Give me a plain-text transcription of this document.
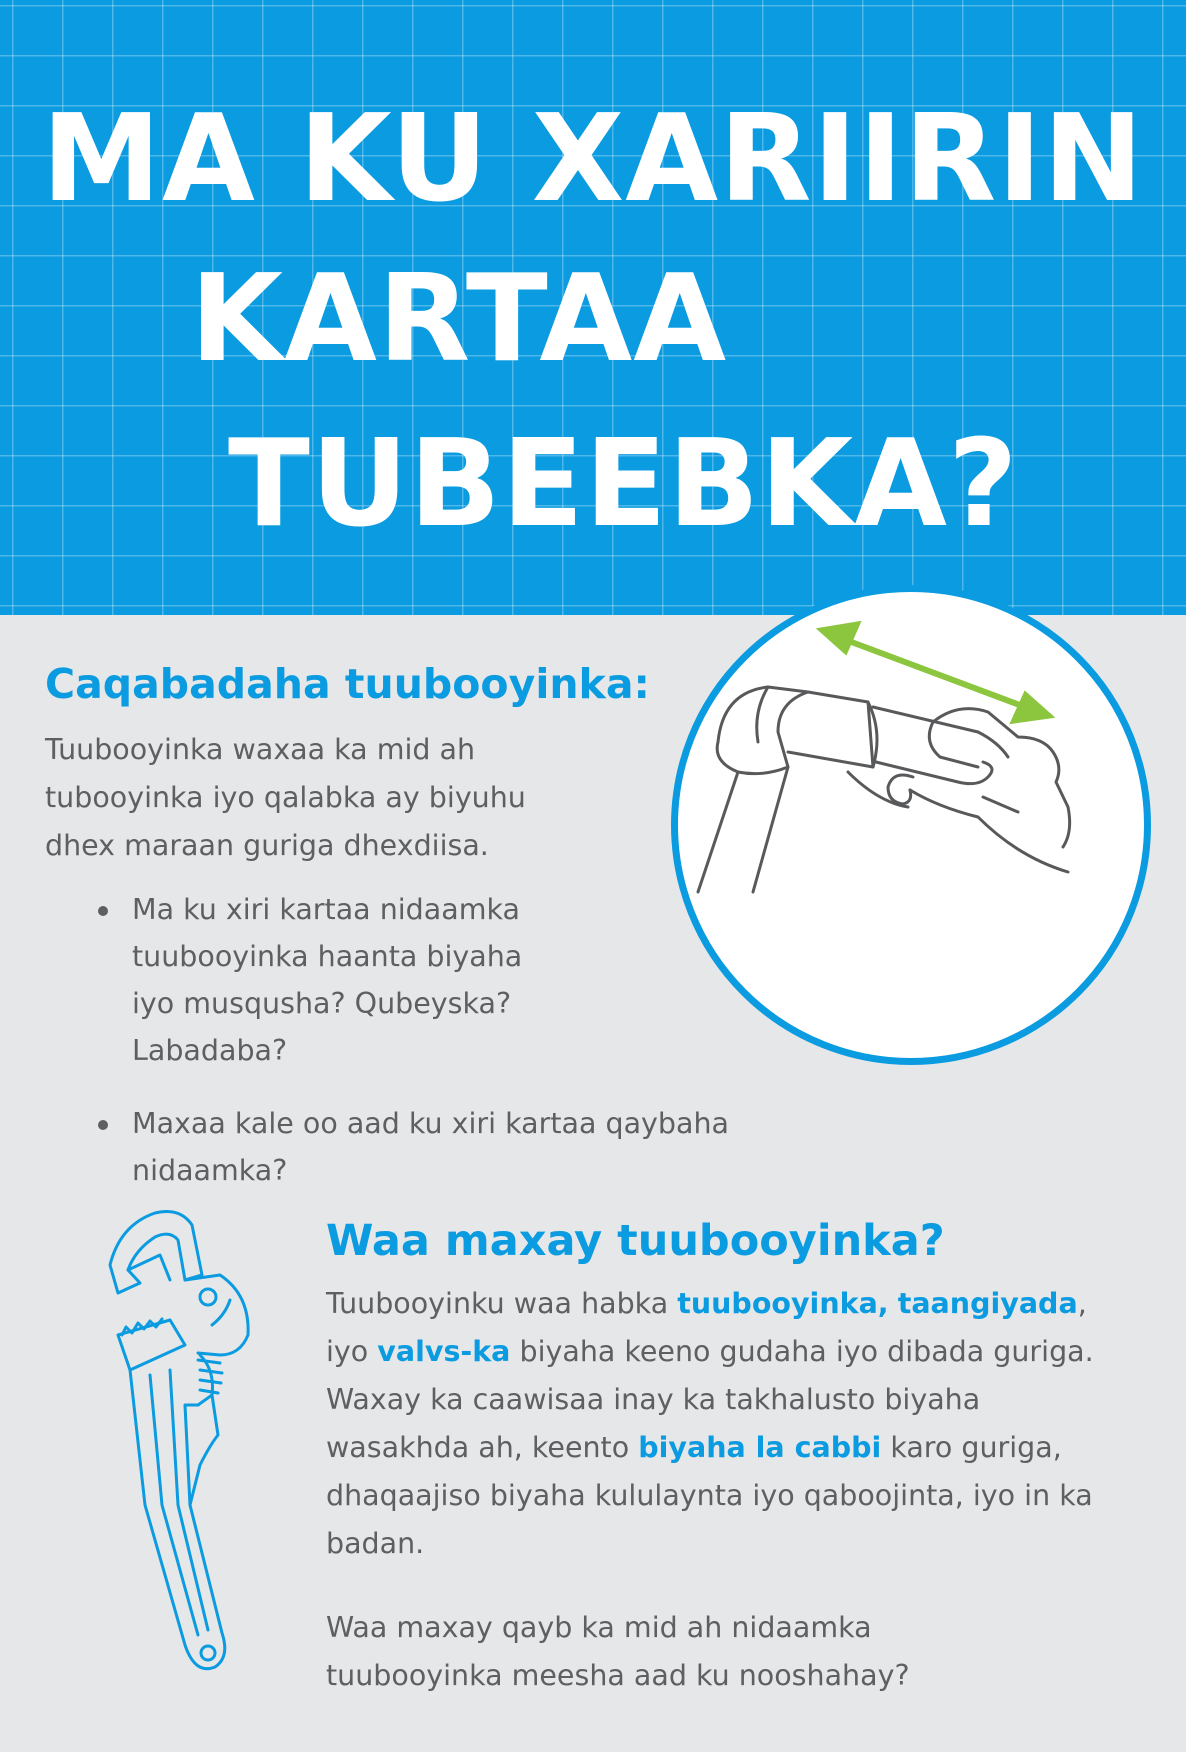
MA KU XARIIRIN
KARTAA
TUBEEBKA?
Caqabadaha tuubooyinka:
Tuubooyinka waxaa ka mid ah
tubooyinka iyo qalabka ay biyuhu
dhex maraan guriga dhexdiisa.
Ma ku xiri kartaa nidaamka
tuubooyinka haanta biyaha
iyo musqusha? Qubeyska?
Labadaba?
Maxaa kale oo aad ku xiri kartaa qaybaha
nidaamka?
Waa maxay tuubooyinka?

Tuubooyinku waa habka tuubooyinka, taangiyada, iyo valvs-ka biyaha keeno gudaha iyo dibada guriga. Waxay ka caawisaa inay ka takhalusto biyaha wasakhda ah, keento biyaha la cabbi karo guriga, dhaqaajiso biyaha kululaynta iyo qaboojinta, iyo in ka badan.

Waa maxay qayb ka mid ah nidaamka tuubooyinka meesha aad ku nooshahay?
